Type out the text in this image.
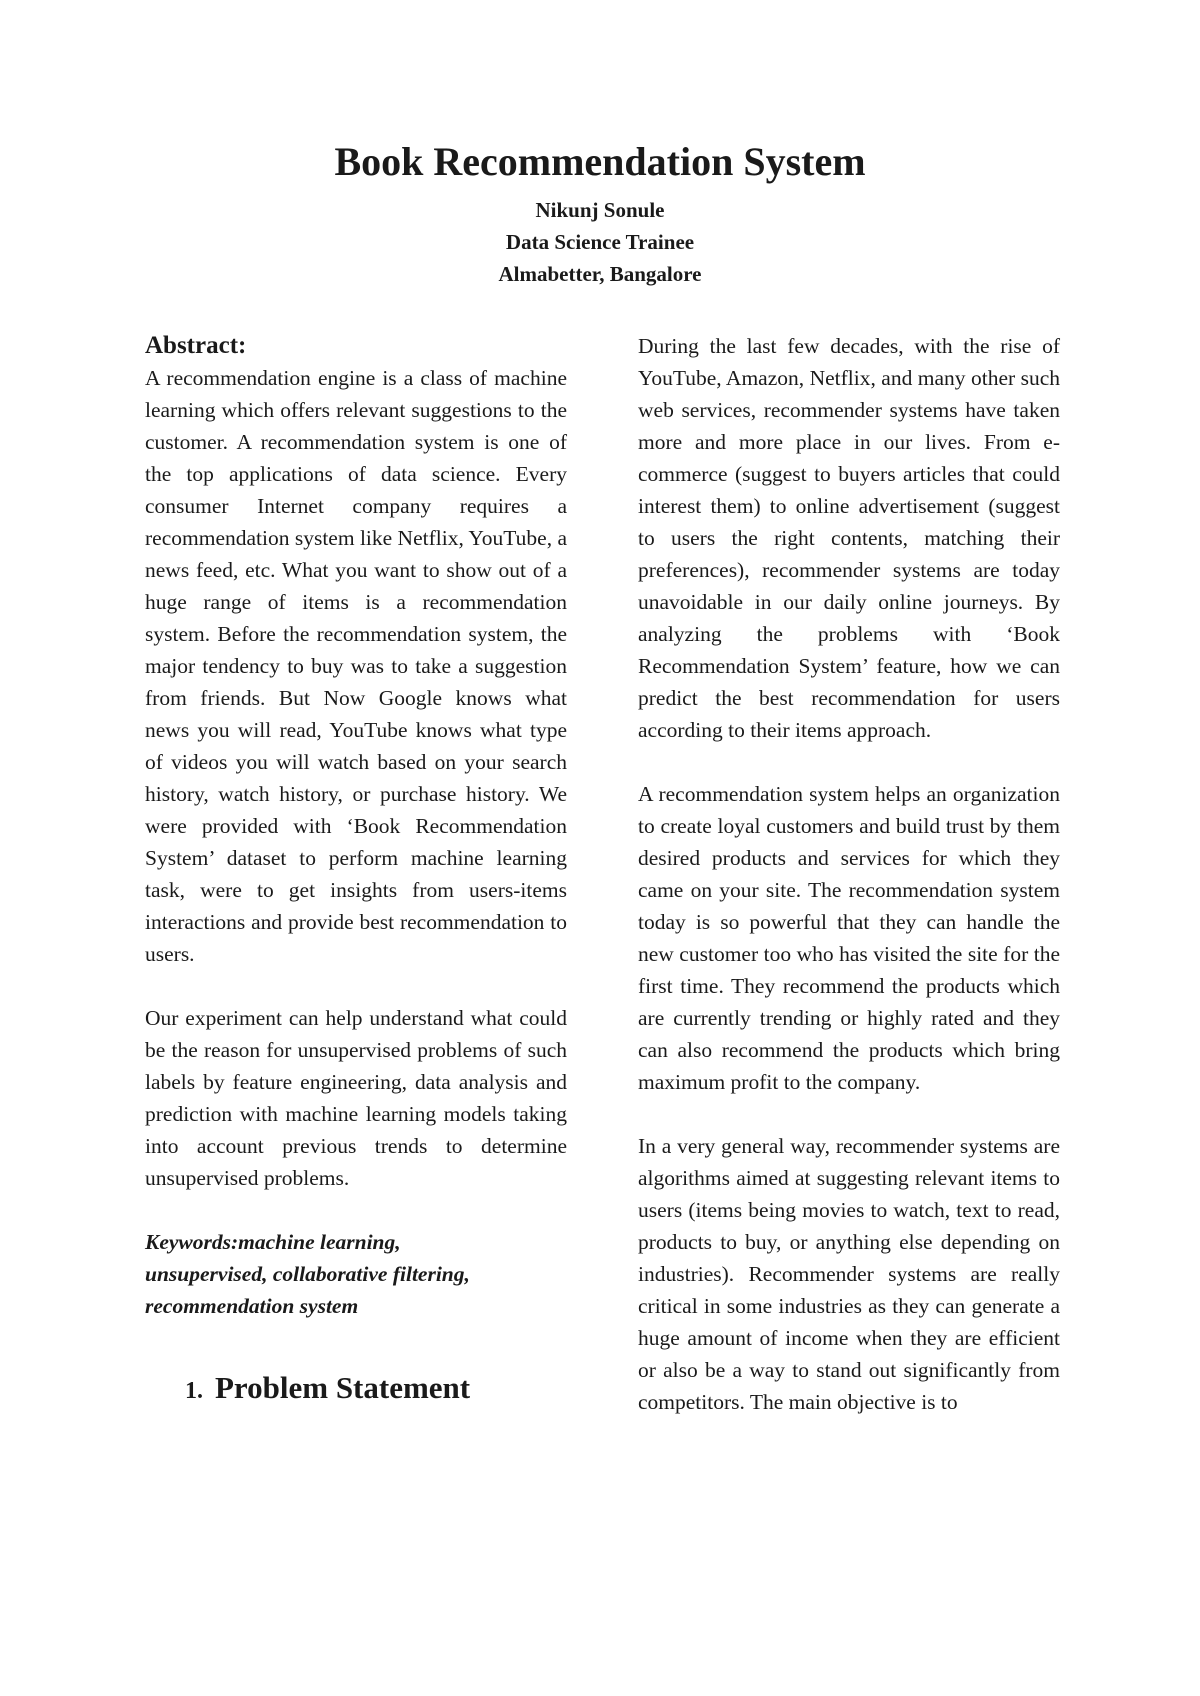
Book Recommendation System
Nikunj Sonule
Data Science Trainee
Almabetter, Bangalore
Abstract:

A recommendation engine is a class of machine learning which offers relevant suggestions to the customer. A recommendation system is one of the top applications of data science. Every consumer Internet company requires a recommendation system like Netflix, YouTube, a news feed, etc. What you want to show out of a huge range of items is a recommendation system. Before the recommendation system, the major tendency to buy was to take a suggestion from friends. But Now Google knows what news you will read, YouTube knows what type of videos you will watch based on your search history, watch history, or purchase history. We were provided with ‘Book Recommendation System’ dataset to perform machine learning task, were to get insights from users-items interactions and provide best recommendation to users.

Our experiment can help understand what could be the reason for unsupervised problems of such labels by feature engineering, data analysis and prediction with machine learning models taking into account previous trends to determine unsupervised problems.

Keywords:machine learning, unsupervised, collaborative filtering, recommendation system

1. Problem Statement

During the last few decades, with the rise of YouTube, Amazon, Netflix, and many other such web services, recommender systems have taken more and more place in our lives. From e-commerce (suggest to buyers articles that could interest them) to online advertisement (suggest to users the right contents, matching their preferences), recommender systems are today unavoidable in our daily online journeys. By analyzing the problems with ‘Book Recommendation System’ feature, how we can predict the best recommendation for users according to their items approach.

A recommendation system helps an organization to create loyal customers and build trust by them desired products and services for which they came on your site. The recommendation system today is so powerful that they can handle the new customer too who has visited the site for the first time. They recommend the products which are currently trending or highly rated and they can also recommend the products which bring maximum profit to the company.

In a very general way, recommender systems are algorithms aimed at suggesting relevant items to users (items being movies to watch, text to read, products to buy, or anything else depending on industries). Recommender systems are really critical in some industries as they can generate a huge amount of income when they are efficient or also be a way to stand out significantly from competitors. The main objective is to
